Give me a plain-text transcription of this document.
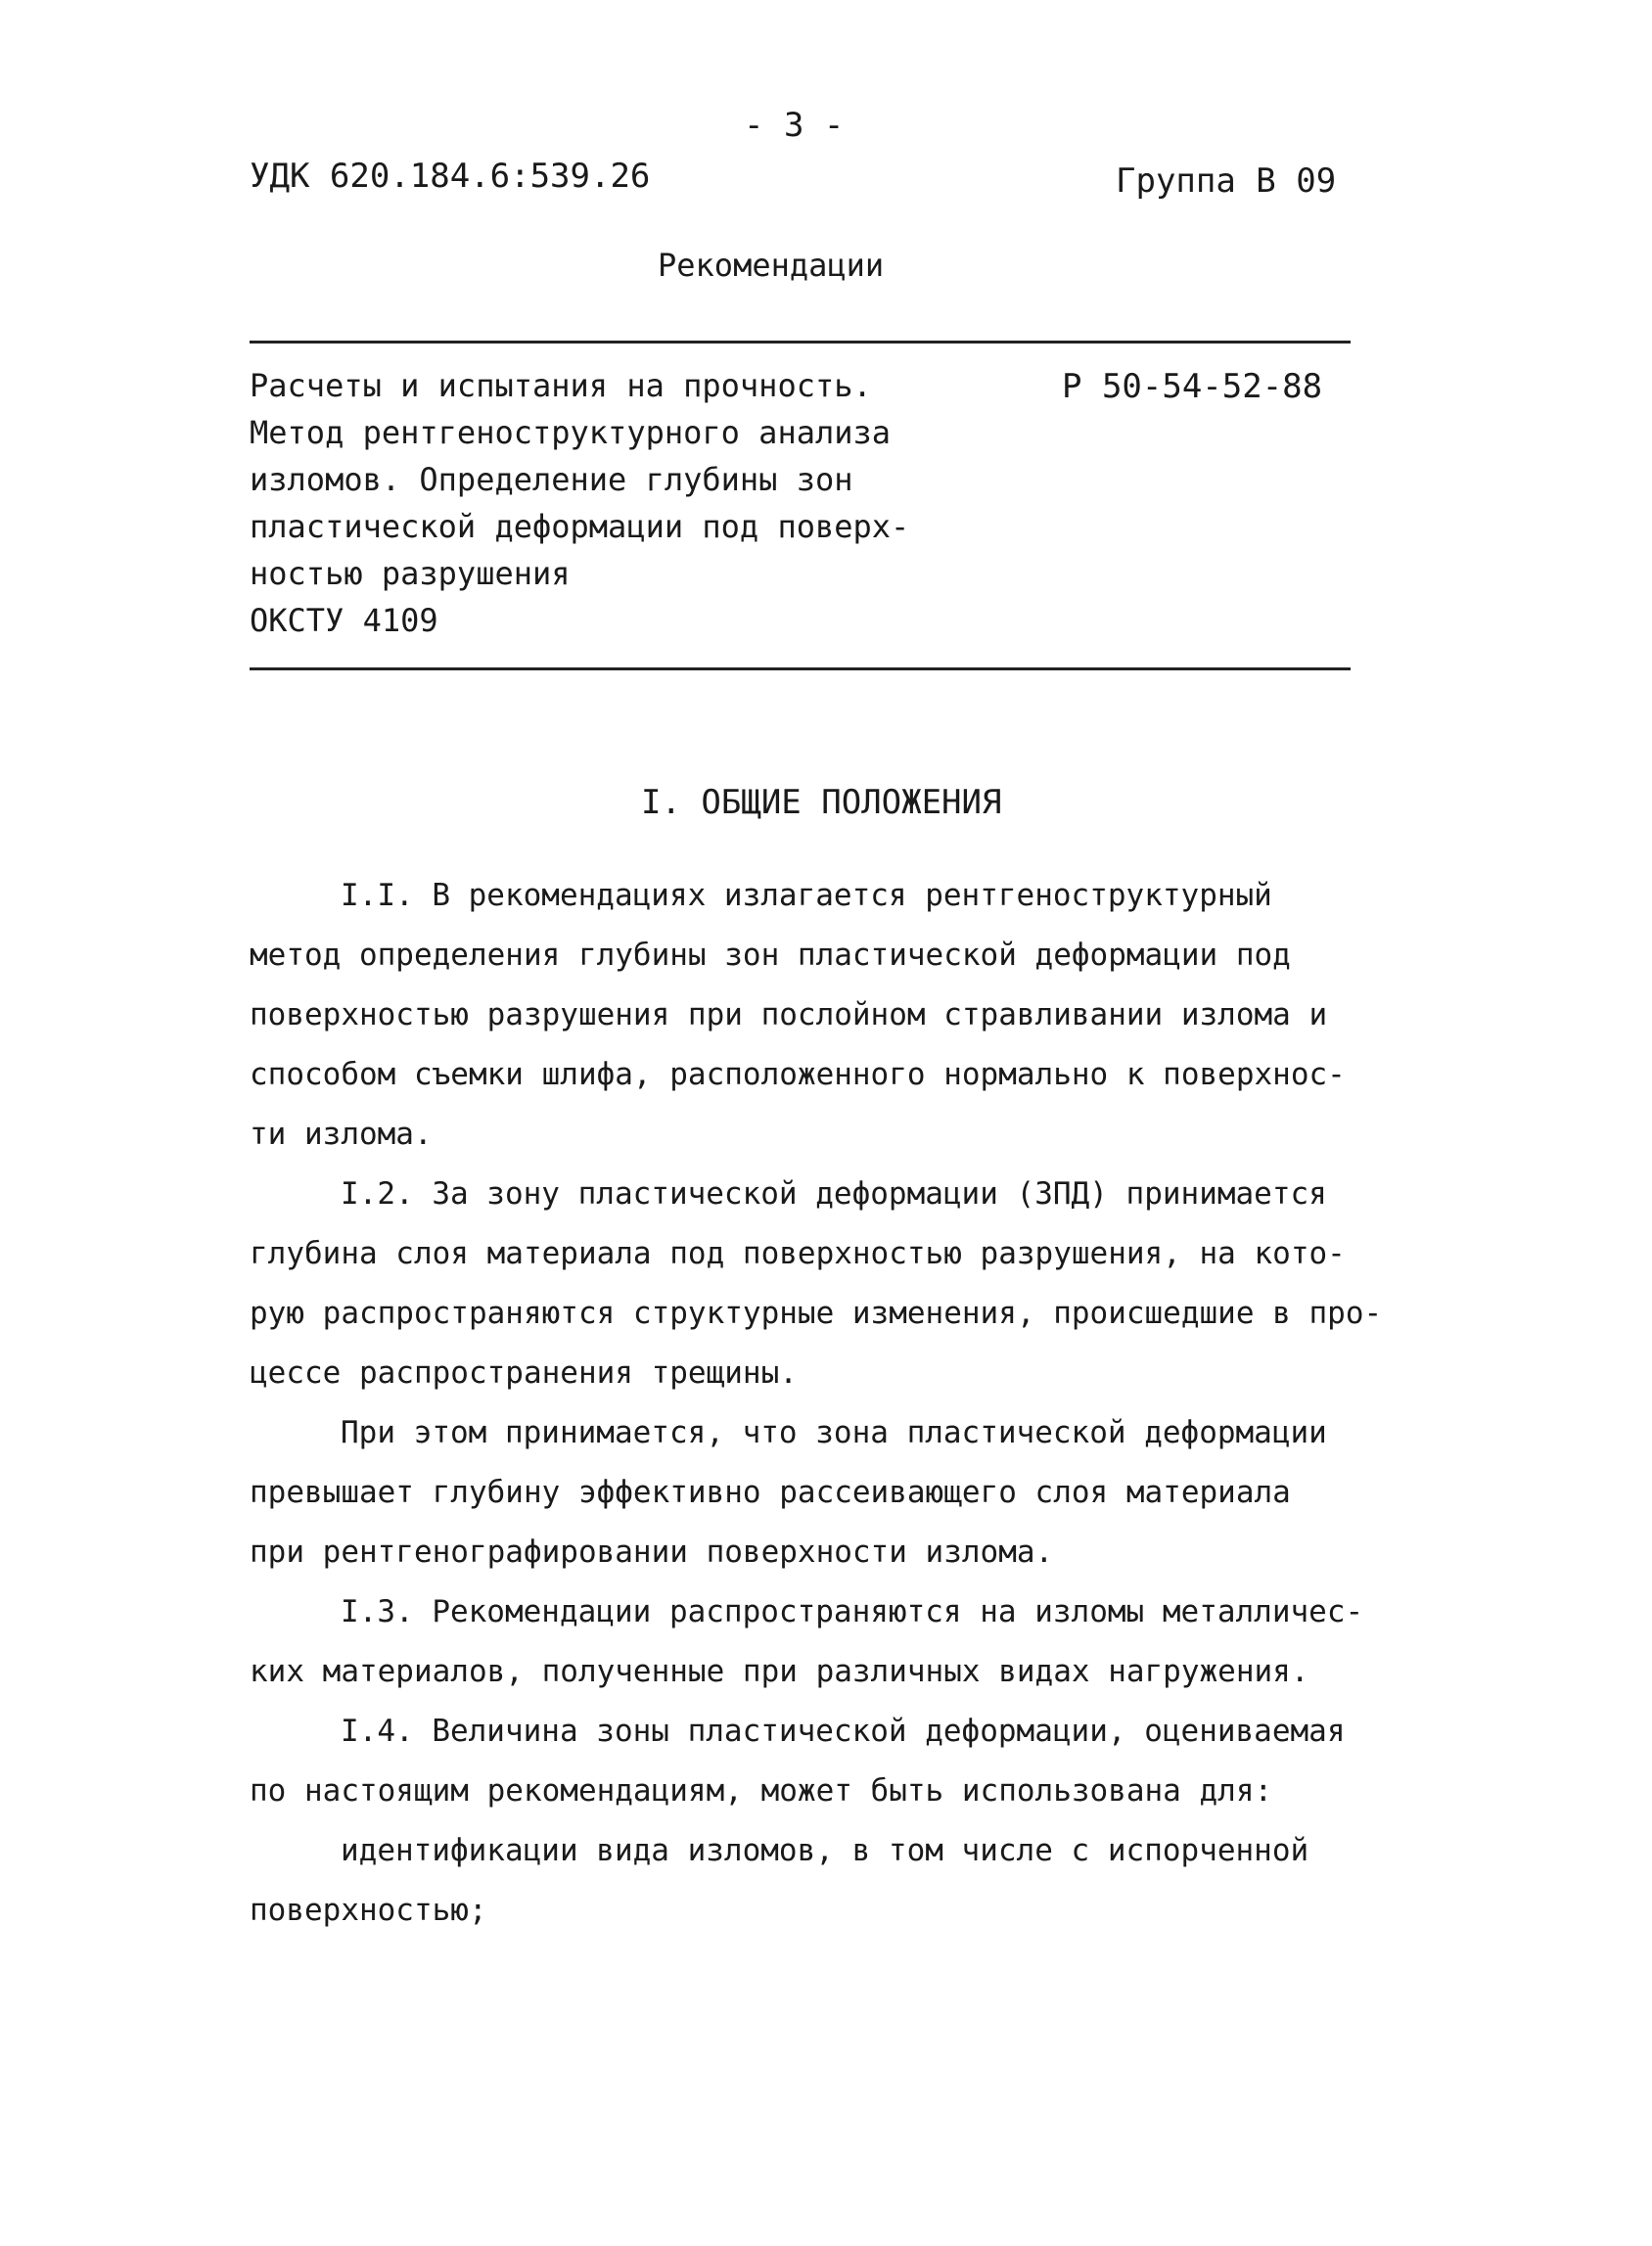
- 3 -
УДК 620.184.6:539.26	Группа В 09
Рекомендации
Расчеты и испытания на прочность.
Метод рентгеноструктурного анализа
изломов. Определение глубины зон
пластической деформации под поверх-
ностью разрушения
Р 50-54-52-88
ОКСТУ 4109
I. ОБЩИЕ ПОЛОЖЕНИЯ
I.I. В рекомендациях излагается рентгеноструктурный
метод определения глубины зон пластической деформации под
поверхностью разрушения при послойном стравливании излома и
способом съемки шлифа, расположенного нормально к поверхнос-
ти излома.
I.2. За зону пластической деформации (ЗПД) принимается
глубина слоя материала под поверхностью разрушения, на кото-
рую распространяются структурные изменения, происшедшие в про-
цессе распространения трещины.
При этом принимается, что зона пластической деформации
превышает глубину эффективно рассеивающего слоя материала
при рентгенографировании поверхности излома.
I.3. Рекомендации распространяются на изломы металличес-
ких материалов, полученные при различных видах нагружения.
I.4. Величина зоны пластической деформации, оцениваемая
по настоящим рекомендациям, может быть использована для:
идентификации вида изломов, в том числе с испорченной
поверхностью;
